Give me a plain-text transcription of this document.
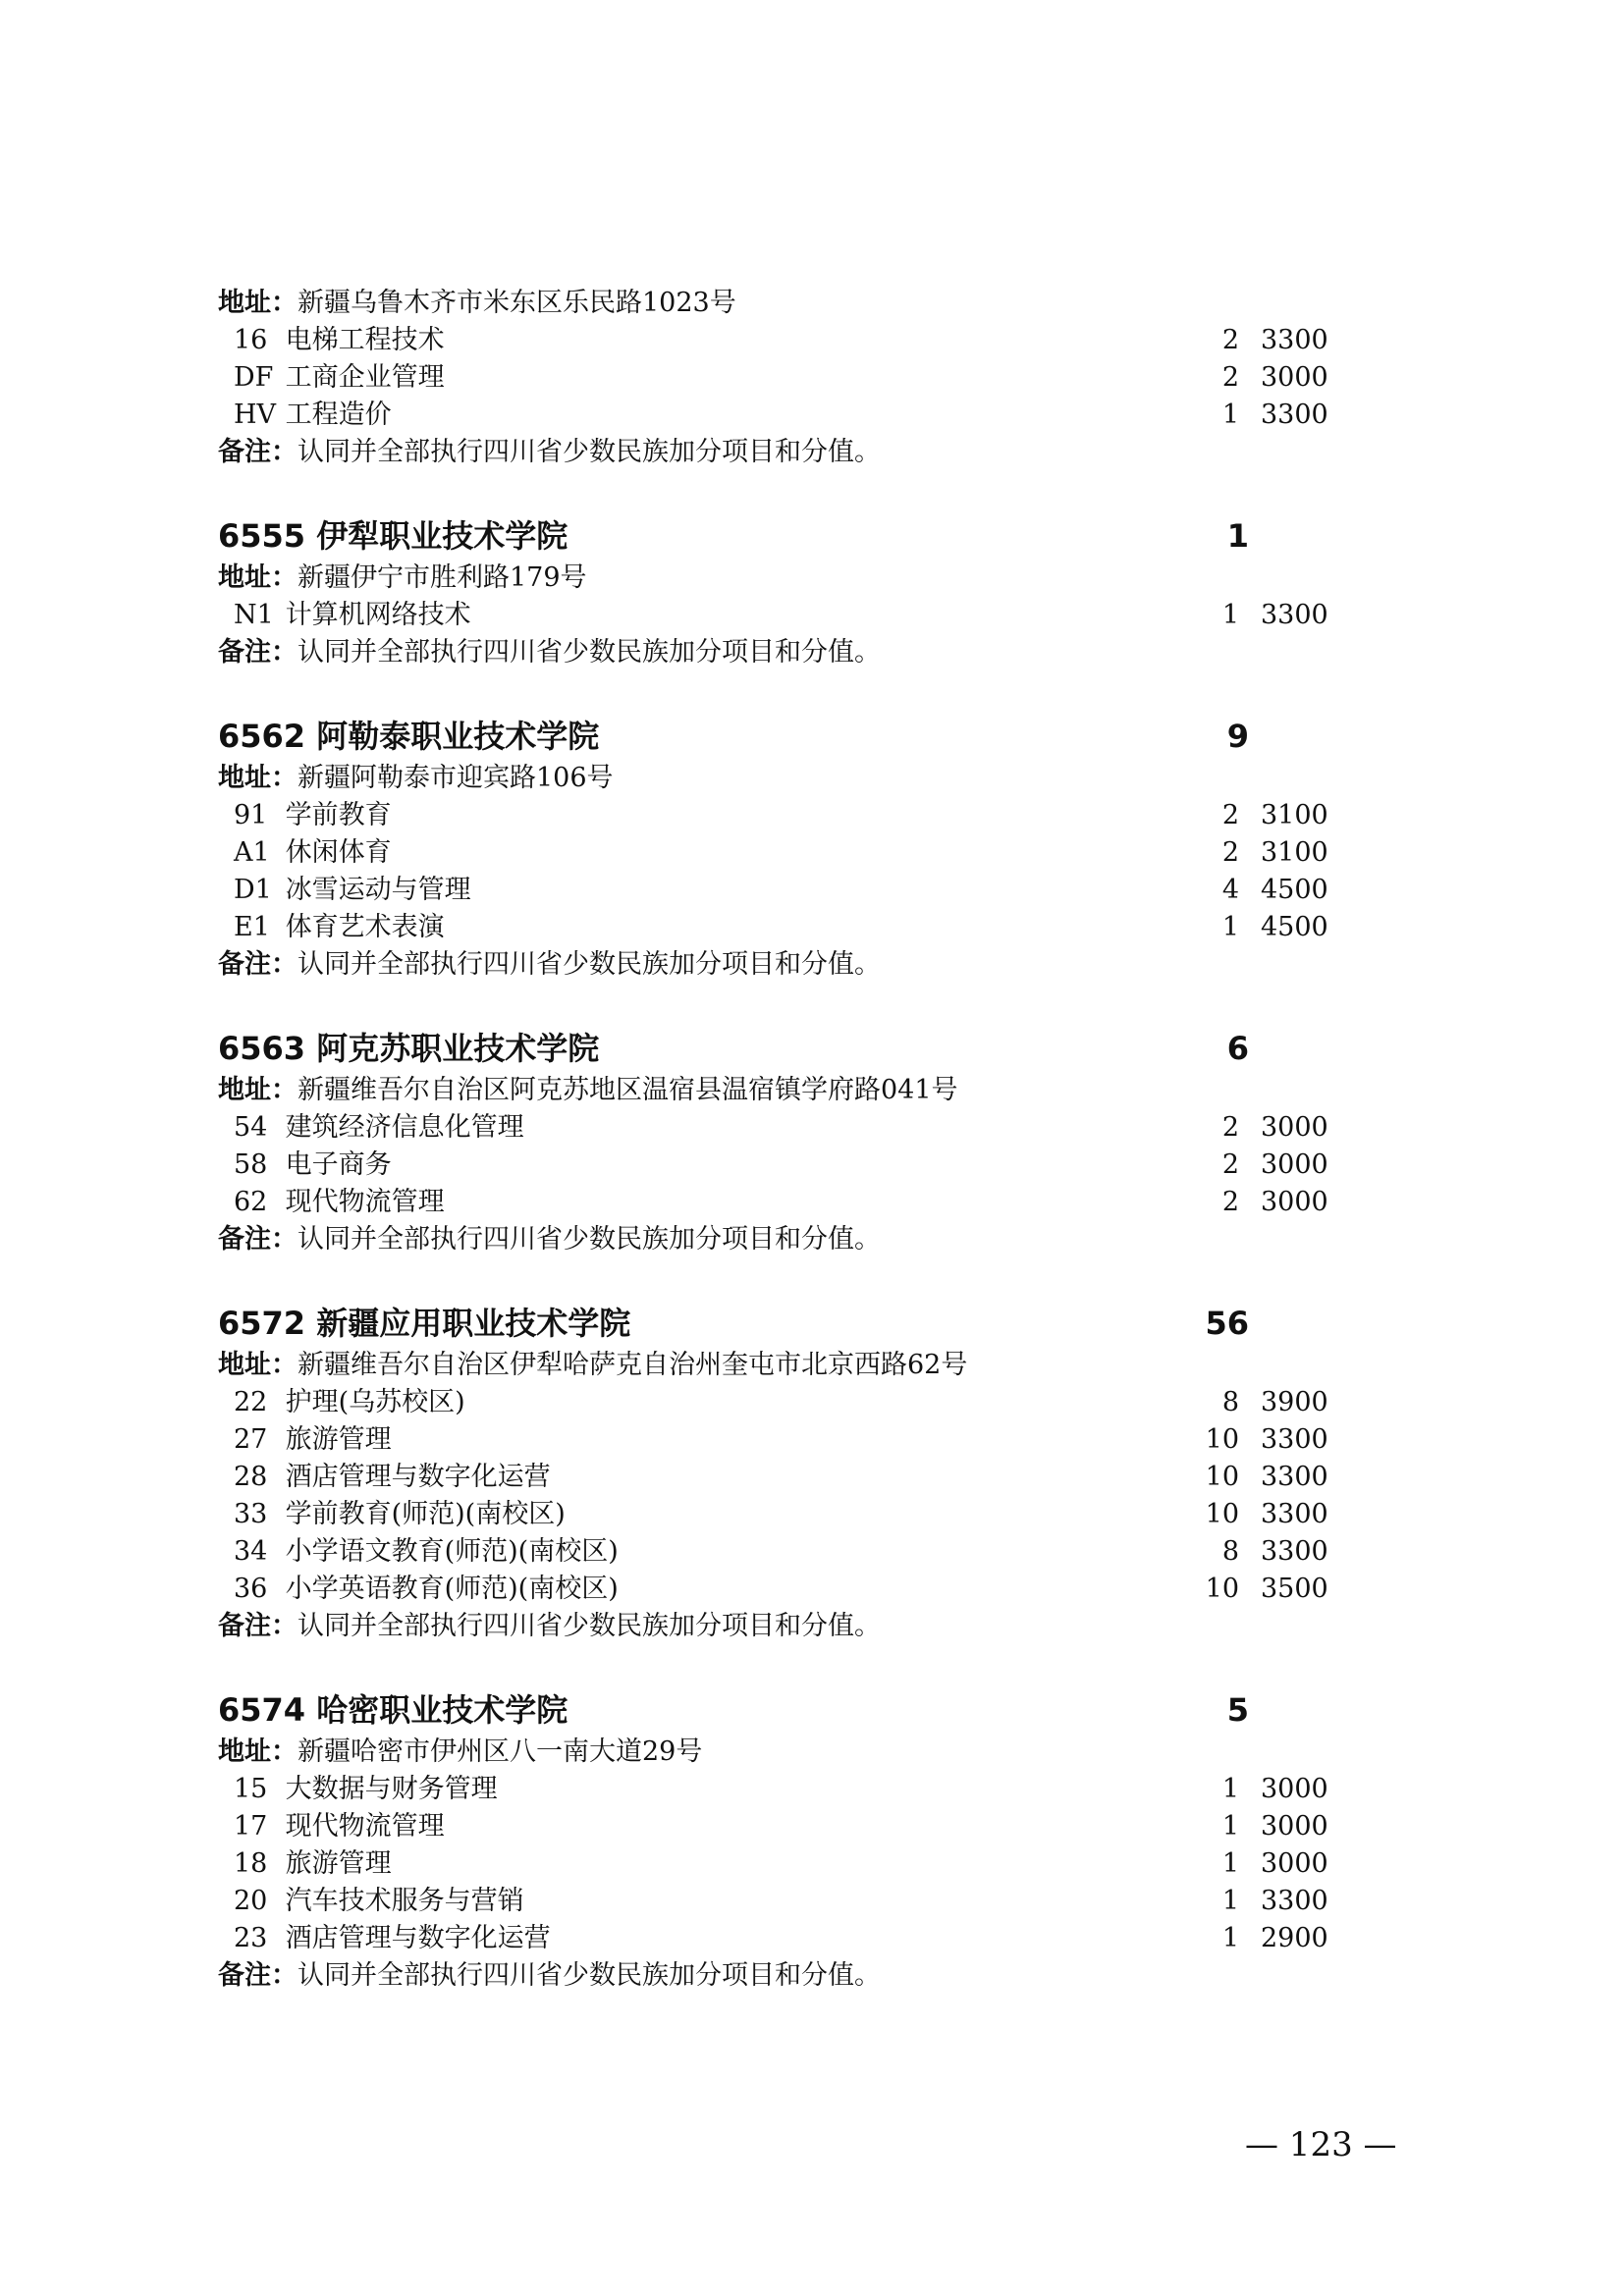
地址：新疆乌鲁木齐市米东区乐民路1023号
16 电梯工程技术	2 3300
DF 工商企业管理	2 3000
HV 工程造价	1 3300
备注：认同并全部执行四川省少数民族加分项目和分值。
6555 伊犁职业技术学院	1
地址：新疆伊宁市胜利路179号
N1 计算机网络技术	1 3300
备注：认同并全部执行四川省少数民族加分项目和分值。
6562 阿勒泰职业技术学院	9
地址：新疆阿勒泰市迎宾路106号
91 学前教育	2 3100
A1 休闲体育	2 3100
D1 冰雪运动与管理	4 4500
E1 体育艺术表演	1 4500
备注：认同并全部执行四川省少数民族加分项目和分值。
6563 阿克苏职业技术学院	6
地址：新疆维吾尔自治区阿克苏地区温宿县温宿镇学府路041号
54 建筑经济信息化管理	2 3000
58 电子商务	2 3000
62 现代物流管理	2 3000
备注：认同并全部执行四川省少数民族加分项目和分值。
6572 新疆应用职业技术学院	56
地址：新疆维吾尔自治区伊犁哈萨克自治州奎屯市北京西路62号
22 护理(乌苏校区)	8 3900
27 旅游管理	10 3300
28 酒店管理与数字化运营	10 3300
33 学前教育(师范)(南校区)	10 3300
34 小学语文教育(师范)(南校区)	8 3300
36 小学英语教育(师范)(南校区)	10 3500
备注：认同并全部执行四川省少数民族加分项目和分值。
6574 哈密职业技术学院	5
地址：新疆哈密市伊州区八一南大道29号
15 大数据与财务管理	1 3000
17 现代物流管理	1 3000
18 旅游管理	1 3000
20 汽车技术服务与营销	1 3300
23 酒店管理与数字化运营	1 2900
备注：认同并全部执行四川省少数民族加分项目和分值。
— 123 —
